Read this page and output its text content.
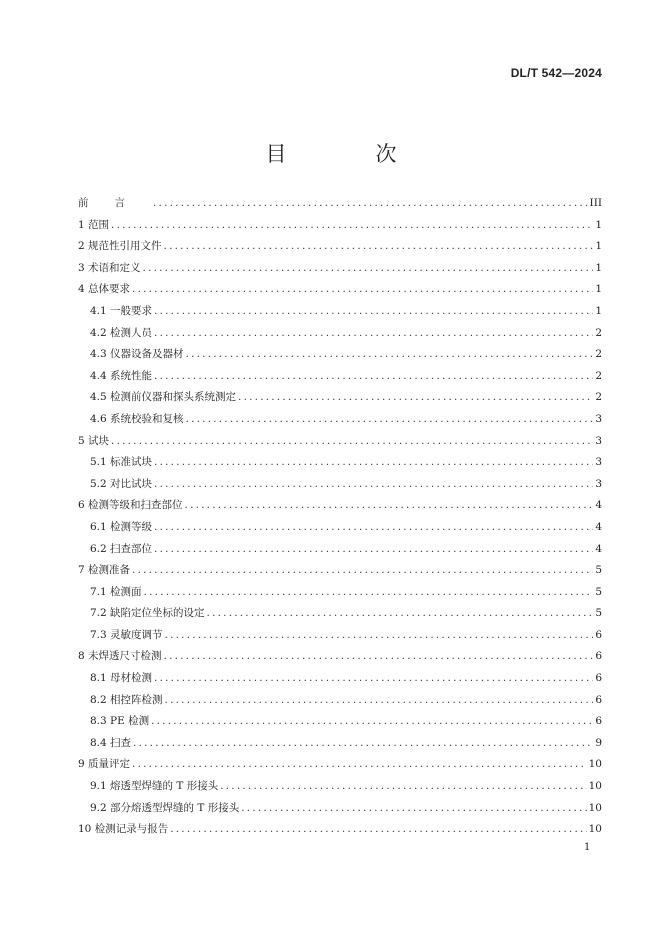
DL/T 542—2024
目　次
前言 .....	III
1 范围 .....	1
2 规范性引用文件 .....	1
3 术语和定义 .....	1
4 总体要求 .....	1
4.1 一般要求 .....	1
4.2 检测人员 .....	2
4.3 仪器设备及器材 .....	2
4.4 系统性能 .....	2
4.5 检测前仪器和探头系统测定 .....	2
4.6 系统校验和复核 .....	3
5 试块 .....	3
5.1 标准试块 .....	3
5.2 对比试块 .....	3
6 检测等级和扫查部位 .....	4
6.1 检测等级 .....	4
6.2 扫查部位 .....	4
7 检测准备 .....	5
7.1 检测面 .....	5
7.2 缺陷定位坐标的设定 .....	5
7.3 灵敏度调节 .....	6
8 未焊透尺寸检测 .....	6
8.1 母材检测 .....	6
8.2 相控阵检测 .....	6
8.3 PE 检测 .....	6
8.4 扫查 .....	9
9 质量评定 .....	10
9.1 熔透型焊缝的 T 形接头 .....	10
9.2 部分熔透型焊缝的 T 形接头 .....	10
10 检测记录与报告 .....	10
1
